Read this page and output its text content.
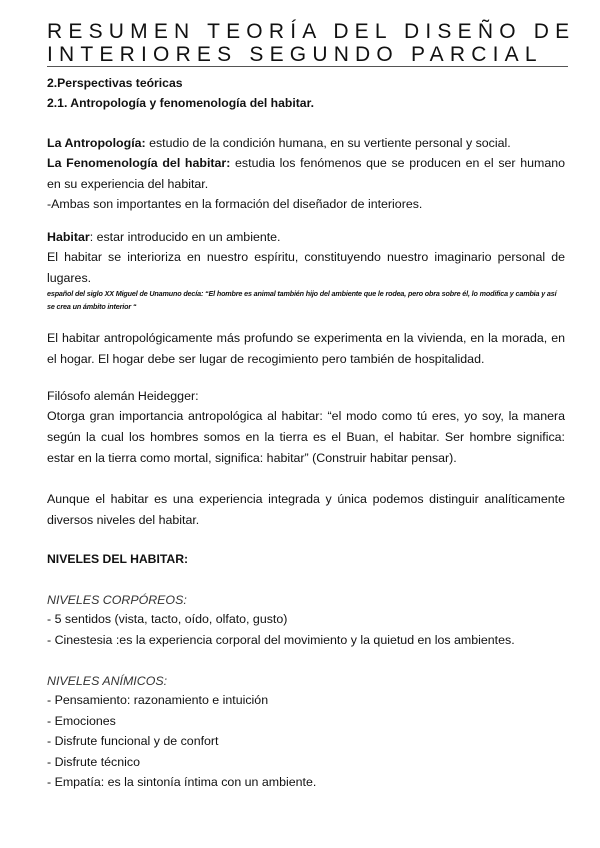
RESUMEN TEORÍA DEL DISEÑO DE
INTERIORES SEGUNDO PARCIAL
2.Perspectivas teóricas
2.1. Antropología y fenomenología del habitar.

La Antropología: estudio de la condición humana, en su vertiente personal y social.

La Fenomenología del habitar: estudia los fenómenos que se producen en el ser humano en su experiencia del habitar.

-Ambas son importantes en la formación del diseñador de interiores.

Habitar: estar introducido en un ambiente.

El habitar se interioriza en nuestro espíritu, constituyendo nuestro imaginario personal de lugares.

español del siglo XX Miguel de Unamuno decía: “El hombre es animal también hijo del ambiente que le rodea, pero obra sobre él, lo modifica y cambia y así se crea un ámbito interior “

El habitar antropológicamente más profundo se experimenta en la vivienda, en la morada, en el hogar. El hogar debe ser lugar de recogimiento pero también de hospitalidad.

Filósofo alemán Heidegger:

Otorga gran importancia antropológica al habitar: “el modo como tú eres, yo soy, la manera según la cual los hombres somos en la tierra es el Buan, el habitar. Ser hombre significa: estar en la tierra como mortal, significa: habitar” (Construir habitar pensar).

Aunque el habitar es una experiencia integrada y única podemos distinguir analíticamente diversos niveles del habitar.

NIVELES DEL HABITAR:
NIVELES CORPÓREOS:
- 5 sentidos (vista, tacto, oído, olfato, gusto)
- Cinestesia :es la experiencia corporal del movimiento y la quietud en los ambientes.
NIVELES ANÍMICOS:
- Pensamiento: razonamiento e intuición
- Emociones
- Disfrute funcional y de confort
- Disfrute técnico
- Empatía: es la sintonía íntima con un ambiente.
